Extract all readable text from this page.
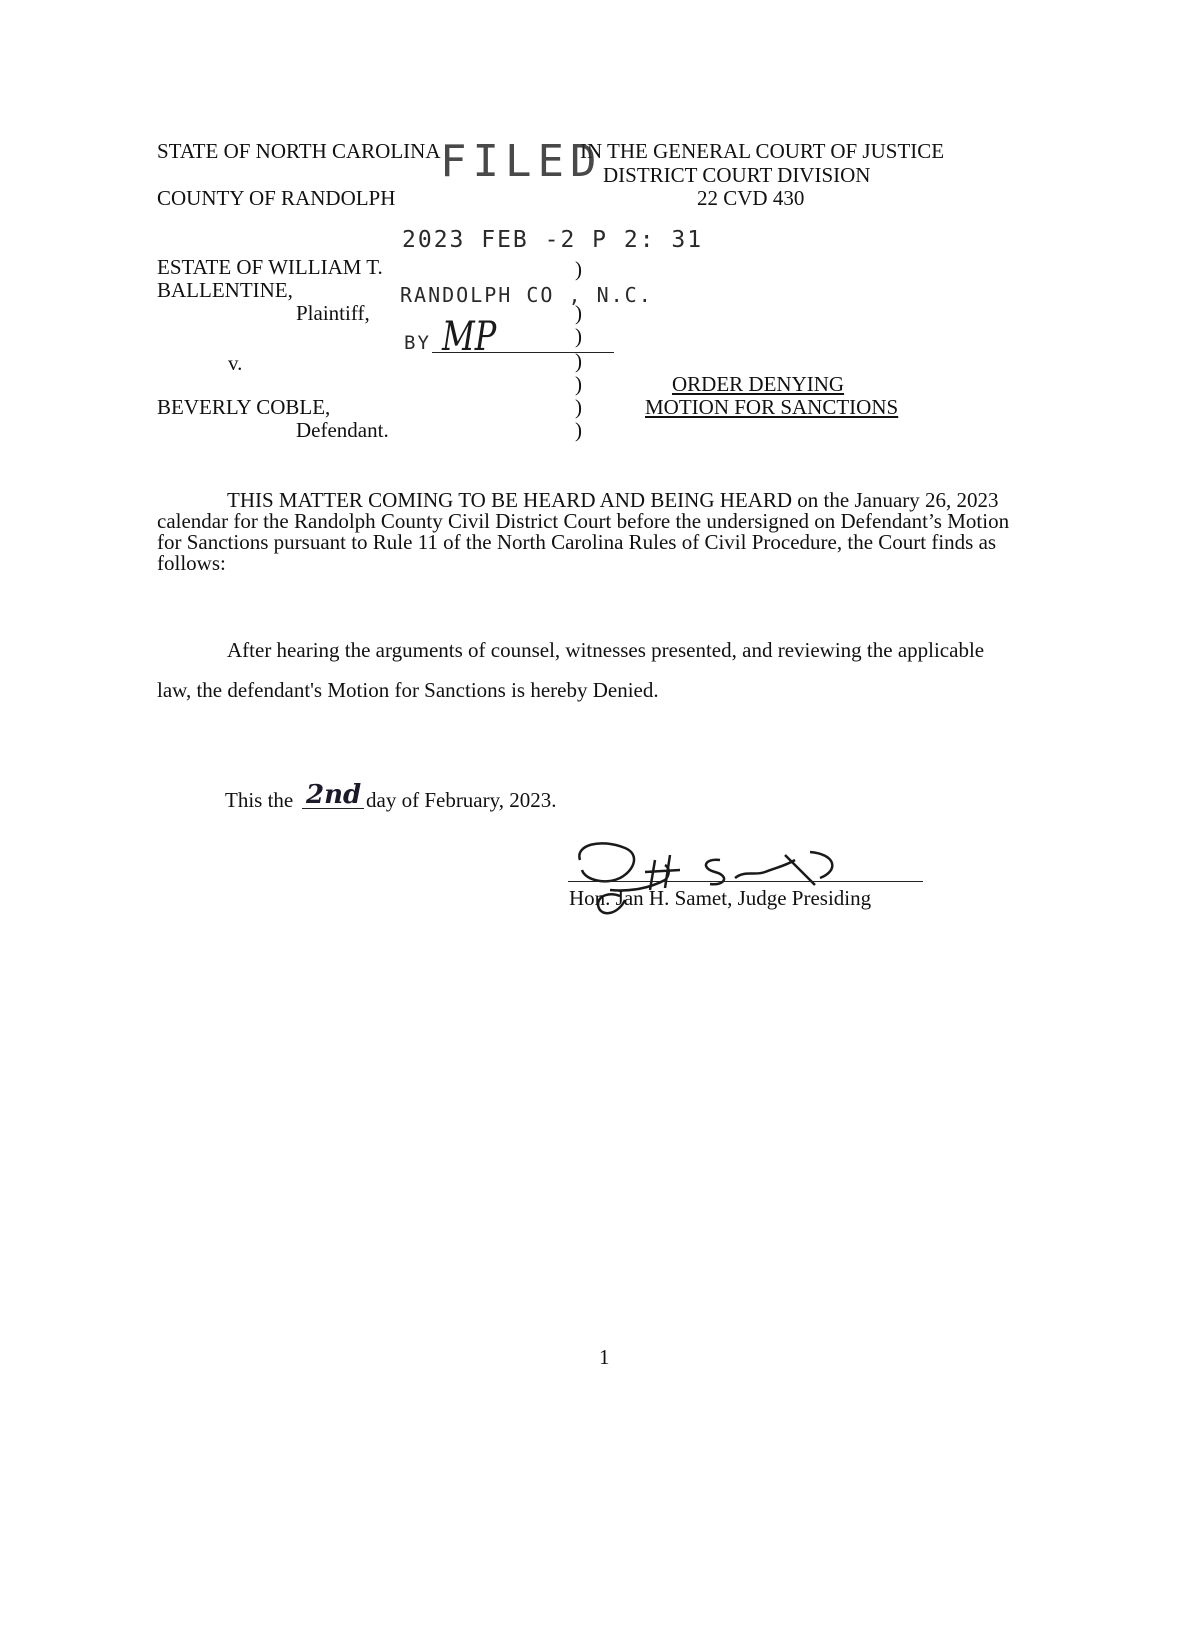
STATE OF NORTH CAROLINA
COUNTY OF RANDOLPH
IN THE GENERAL COURT OF JUSTICE
DISTRICT COURT DIVISION
22 CVD 430
FILED
2023 FEB -2 P 2: 31
RANDOLPH CO , N.C.
BY MP
ESTATE OF WILLIAM T.
BALLENTINE,
Plaintiff,
v.
BEVERLY COBLE,
Defendant.
)
)
)
)
)
)
)
ORDER DENYING
MOTION FOR SANCTIONS

THIS MATTER COMING TO BE HEARD AND BEING HEARD on the January 26, 2023 calendar for the Randolph County Civil District Court before the undersigned on Defendant’s Motion for Sanctions pursuant to Rule 11 of the North Carolina Rules of Civil Procedure, the Court finds as follows:

After hearing the arguments of counsel, witnesses presented, and reviewing the applicable law, the defendant's Motion for Sanctions is hereby Denied.

This the 2nd day of February, 2023.
Hon. Jan H. Samet, Judge Presiding
1
